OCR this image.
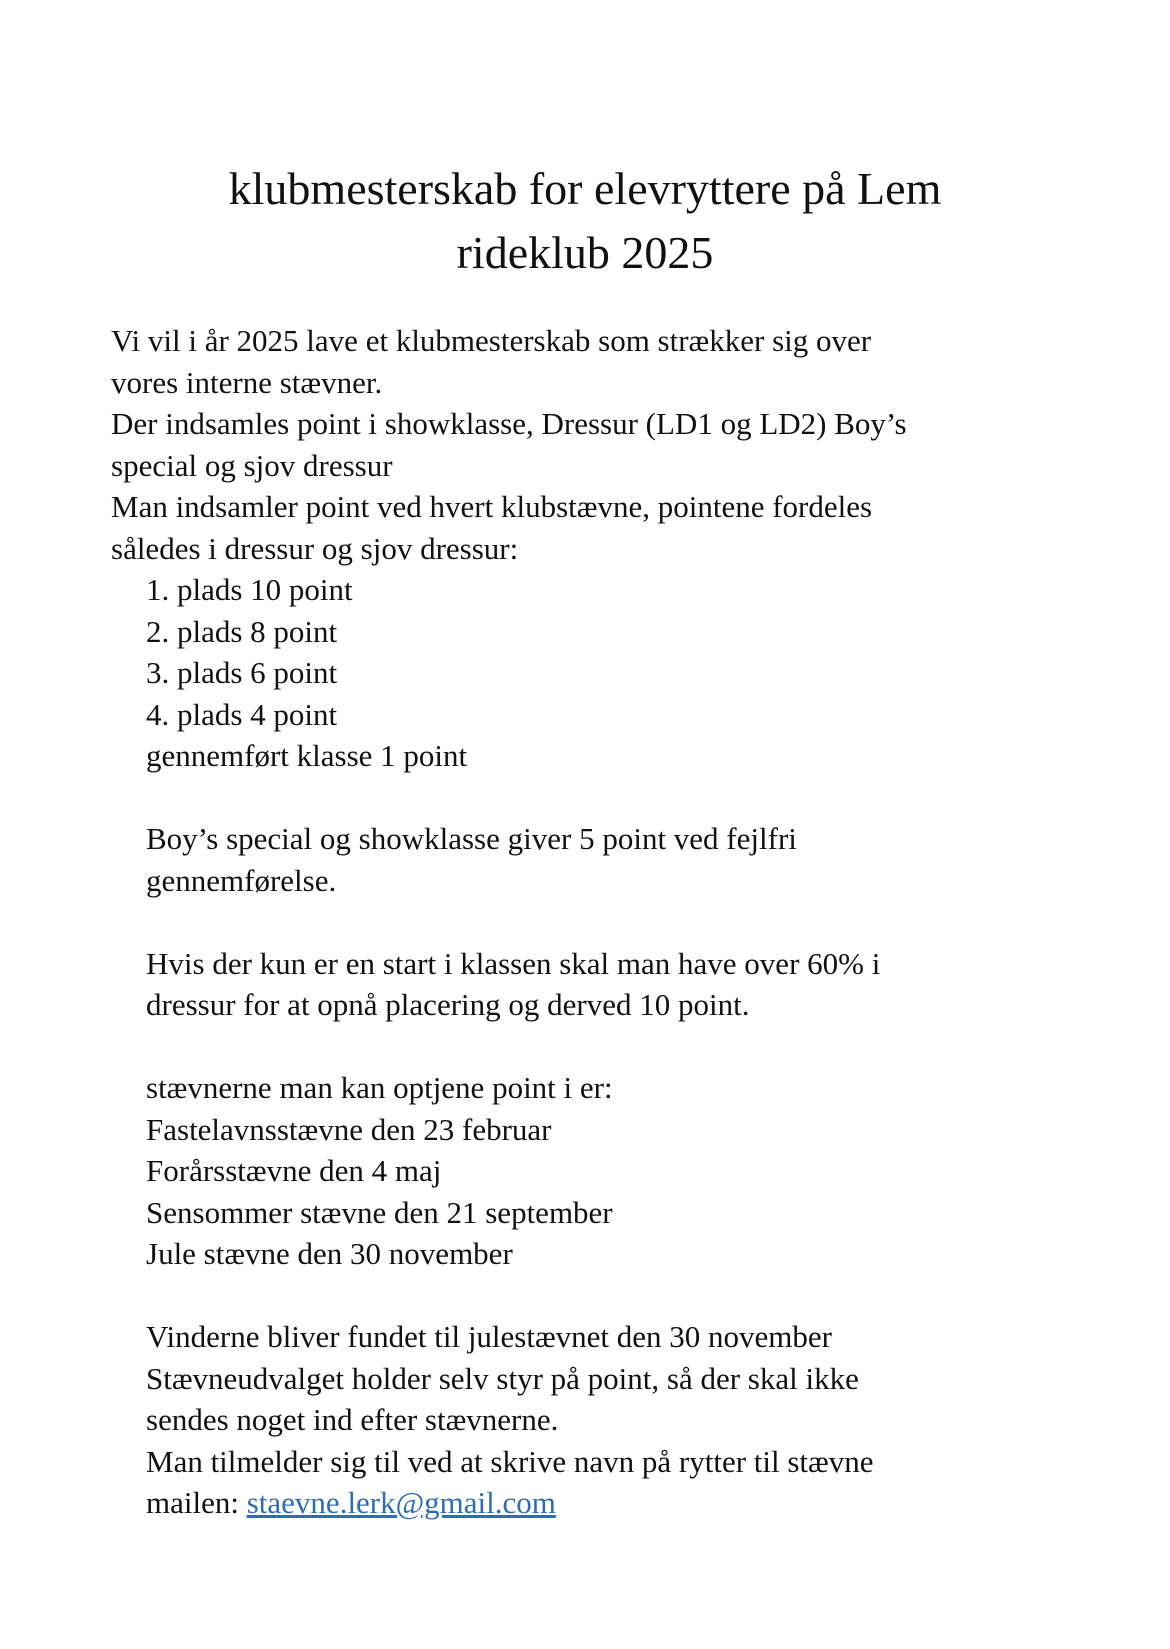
klubmesterskab for elevryttere på Lem
rideklub 2025
Vi vil i år 2025 lave et klubmesterskab som strækker sig over
vores interne stævner.
Der indsamles point i showklasse, Dressur (LD1 og LD2) Boy’s
special og sjov dressur
Man indsamler point ved hvert klubstævne, pointene fordeles
således i dressur og sjov dressur:
1. plads 10 point
2. plads 8 point
3. plads 6 point
4. plads 4 point
gennemført klasse 1 point
Boy’s special og showklasse giver 5 point ved fejlfri
gennemførelse.
Hvis der kun er en start i klassen skal man have over 60% i
dressur for at opnå placering og derved 10 point.
stævnerne man kan optjene point i er:
Fastelavnsstævne den 23 februar
Forårsstævne den 4 maj
Sensommer stævne den 21 september
Jule stævne den 30 november
Vinderne bliver fundet til julestævnet den 30 november
Stævneudvalget holder selv styr på point, så der skal ikke
sendes noget ind efter stævnerne.
Man tilmelder sig til ved at skrive navn på rytter til stævne
mailen: staevne.lerk@gmail.com
